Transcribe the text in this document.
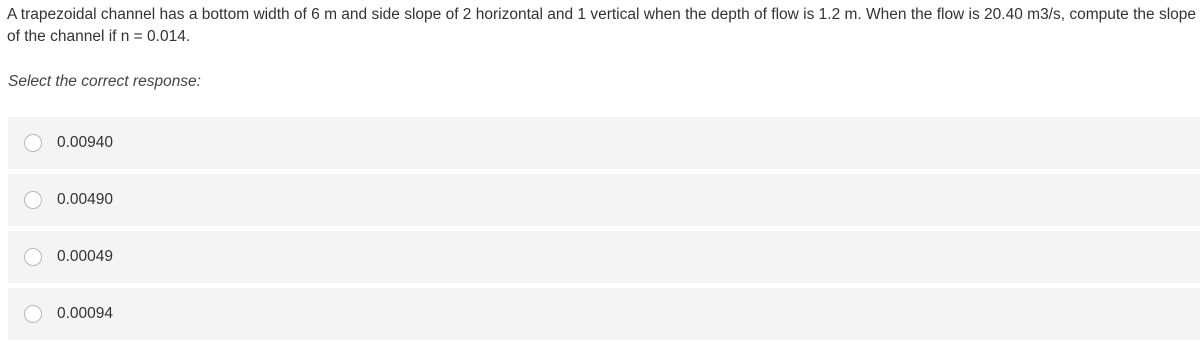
A trapezoidal channel has a bottom width of 6 m and side slope of 2 horizontal and 1 vertical when the depth of flow is 1.2 m. When the flow is 20.40 m3/s, compute the slope of the channel if n = 0.014.
Select the correct response:
0.00940
0.00490
0.00049
0.00094
